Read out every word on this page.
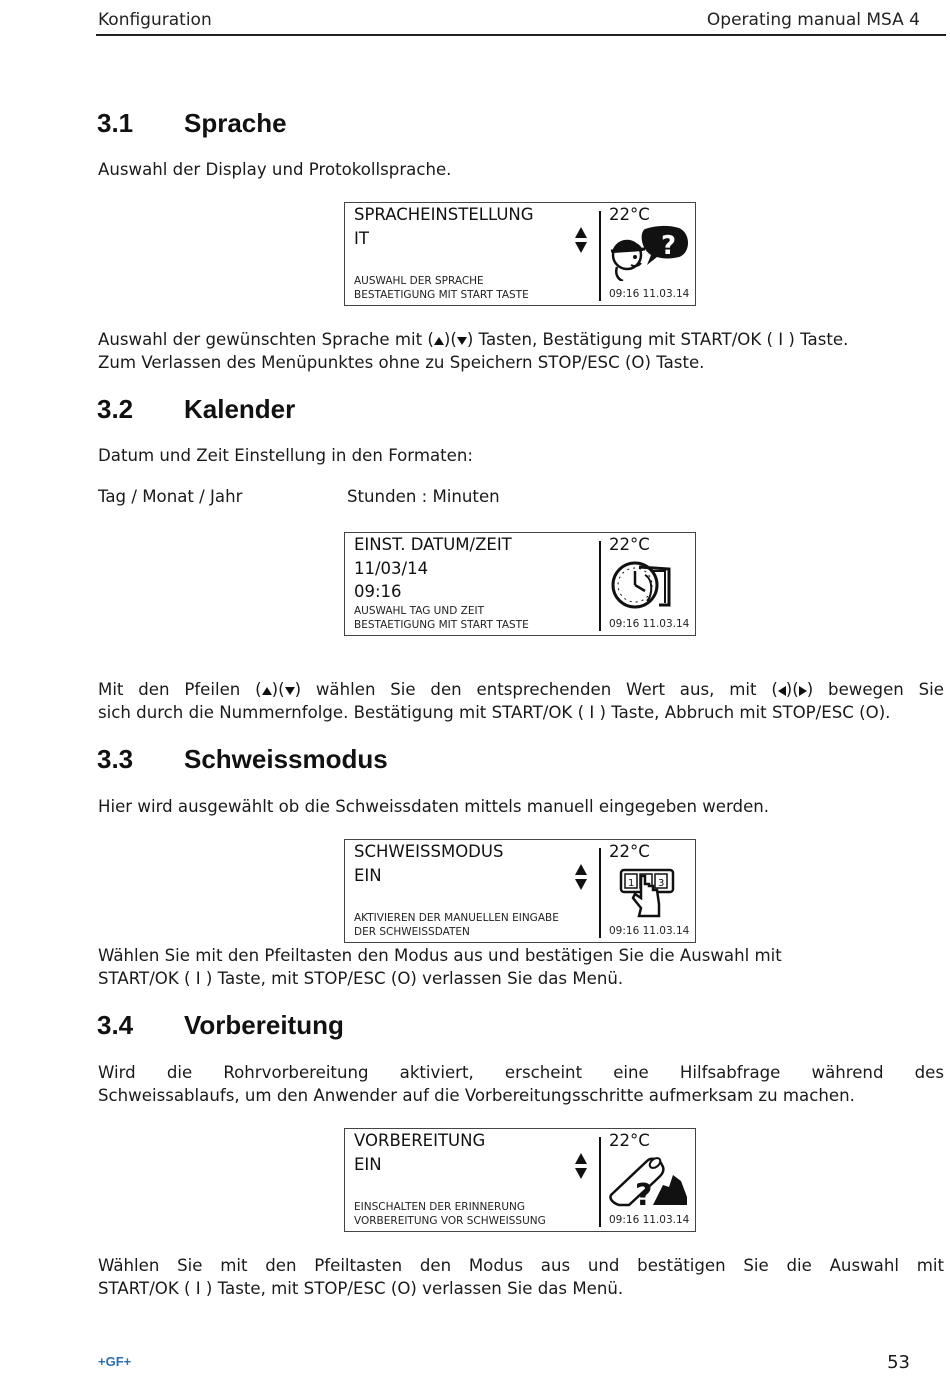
Konfiguration	Operating manual MSA 4
3.1 Sprache
Auswahl der Display und Protokollsprache.
SPRACHEINSTELLUNG
IT
AUSWAHL DER SPRACHE
BESTAETIGUNG MIT START TASTE
22°C
?
09:16 11.03.14
Auswahl der gewünschten Sprache mit ( )( ) Tasten, Bestätigung mit START/OK ( I ) Taste.
Zum Verlassen des Menüpunktes ohne zu Speichern STOP/ESC (O) Taste.
3.2 Kalender
Datum und Zeit Einstellung in den Formaten:
Tag / Monat / Jahr	Stunden : Minuten
EINST. DATUM/ZEIT
11/03/14
09:16
AUSWAHL TAG UND ZEIT
BESTAETIGUNG MIT START TASTE
22°C
09:16 11.03.14
Mit den Pfeilen ( )( ) wählen Sie den entsprechenden Wert aus, mit ( )( ) bewegen Sie
sich durch die Nummernfolge. Bestätigung mit START/OK ( I ) Taste, Abbruch mit STOP/ESC (O).
3.3 Schweissmodus
Hier wird ausgewählt ob die Schweissdaten mittels manuell eingegeben werden.
SCHWEISSMODUS
EIN
AKTIVIEREN DER MANUELLEN EINGABE
DER SCHWEISSDATEN
22°C
1 3
09:16 11.03.14
Wählen Sie mit den Pfeiltasten den Modus aus und bestätigen Sie die Auswahl mit
START/OK ( I ) Taste, mit STOP/ESC (O) verlassen Sie das Menü.
3.4 Vorbereitung
Wird die Rohrvorbereitung aktiviert, erscheint eine Hilfsabfrage während des
Schweissablaufs, um den Anwender auf die Vorbereitungsschritte aufmerksam zu machen.
VORBEREITUNG
EIN
EINSCHALTEN DER ERINNERUNG
VORBEREITUNG VOR SCHWEISSUNG
22°C
?
09:16 11.03.14
Wählen Sie mit den Pfeiltasten den Modus aus und bestätigen Sie die Auswahl mit
START/OK ( I ) Taste, mit STOP/ESC (O) verlassen Sie das Menü.
+GF+	53
